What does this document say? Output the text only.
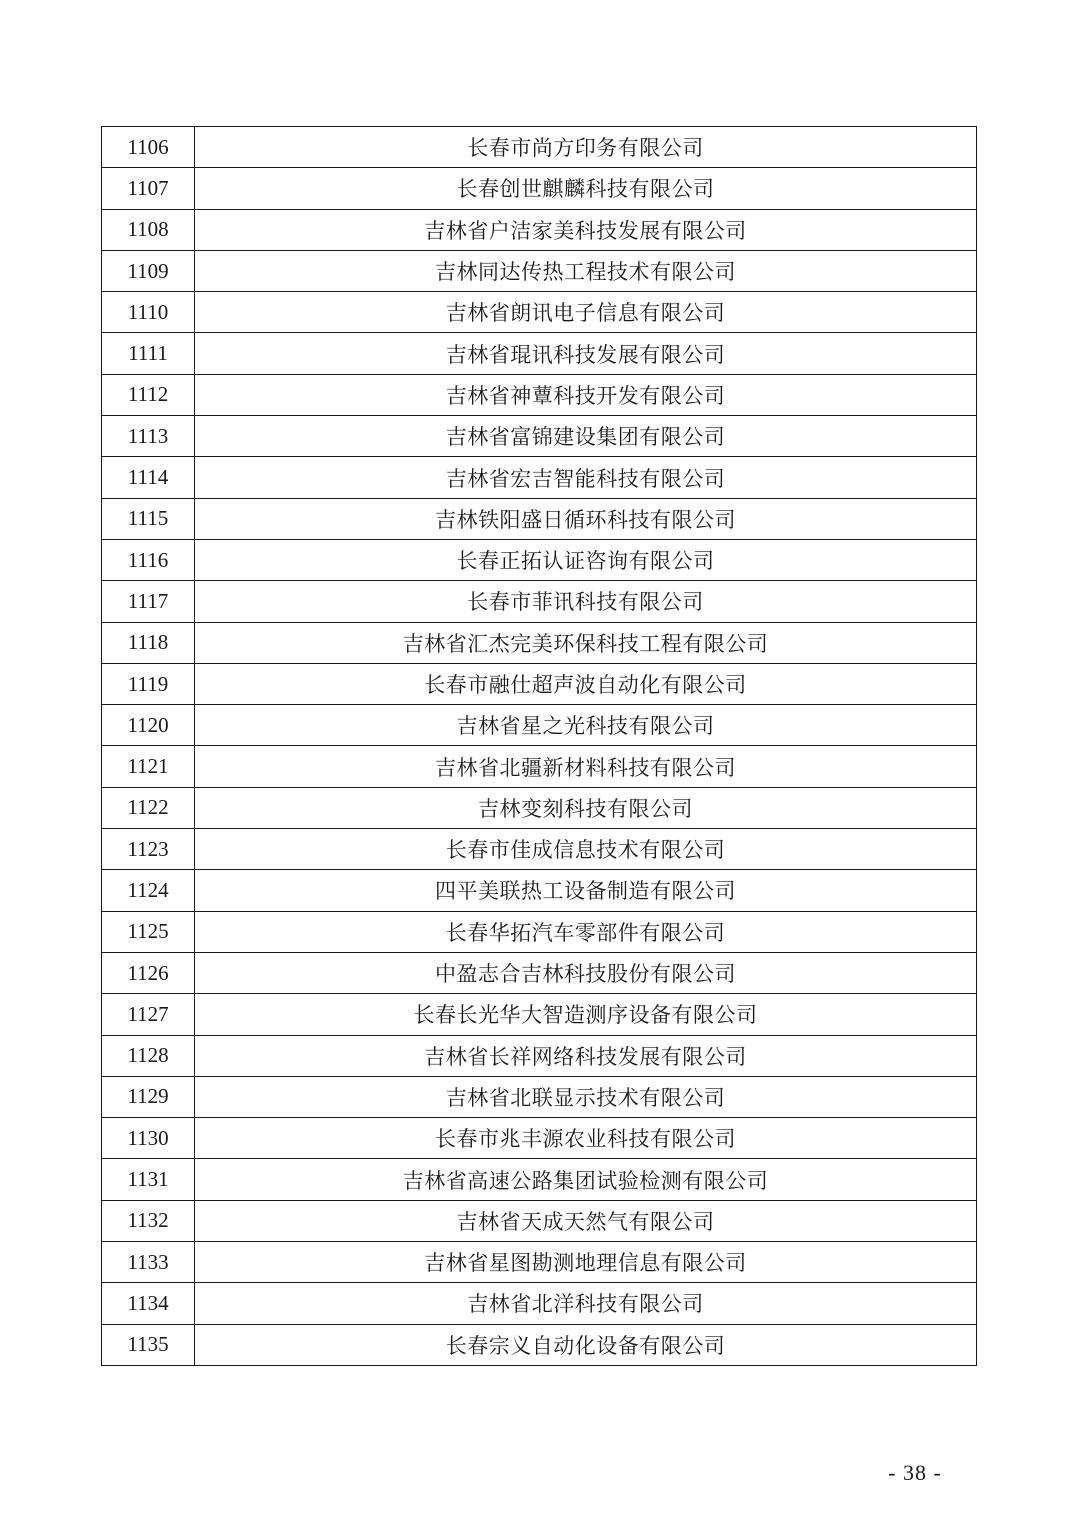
1106	长春市尚方印务有限公司
1107	长春创世麒麟科技有限公司
1108	吉林省户洁家美科技发展有限公司
1109	吉林同达传热工程技术有限公司
1110	吉林省朗讯电子信息有限公司
1111	吉林省琨讯科技发展有限公司
1112	吉林省神蕈科技开发有限公司
1113	吉林省富锦建设集团有限公司
1114	吉林省宏吉智能科技有限公司
1115	吉林铁阳盛日循环科技有限公司
1116	长春正拓认证咨询有限公司
1117	长春市菲讯科技有限公司
1118	吉林省汇杰完美环保科技工程有限公司
1119	长春市融仕超声波自动化有限公司
1120	吉林省星之光科技有限公司
1121	吉林省北疆新材料科技有限公司
1122	吉林变刻科技有限公司
1123	长春市佳成信息技术有限公司
1124	四平美联热工设备制造有限公司
1125	长春华拓汽车零部件有限公司
1126	中盈志合吉林科技股份有限公司
1127	长春长光华大智造测序设备有限公司
1128	吉林省长祥网络科技发展有限公司
1129	吉林省北联显示技术有限公司
1130	长春市兆丰源农业科技有限公司
1131	吉林省高速公路集团试验检测有限公司
1132	吉林省天成天然气有限公司
1133	吉林省星图勘测地理信息有限公司
1134	吉林省北洋科技有限公司
1135	长春宗义自动化设备有限公司
- 38 -
